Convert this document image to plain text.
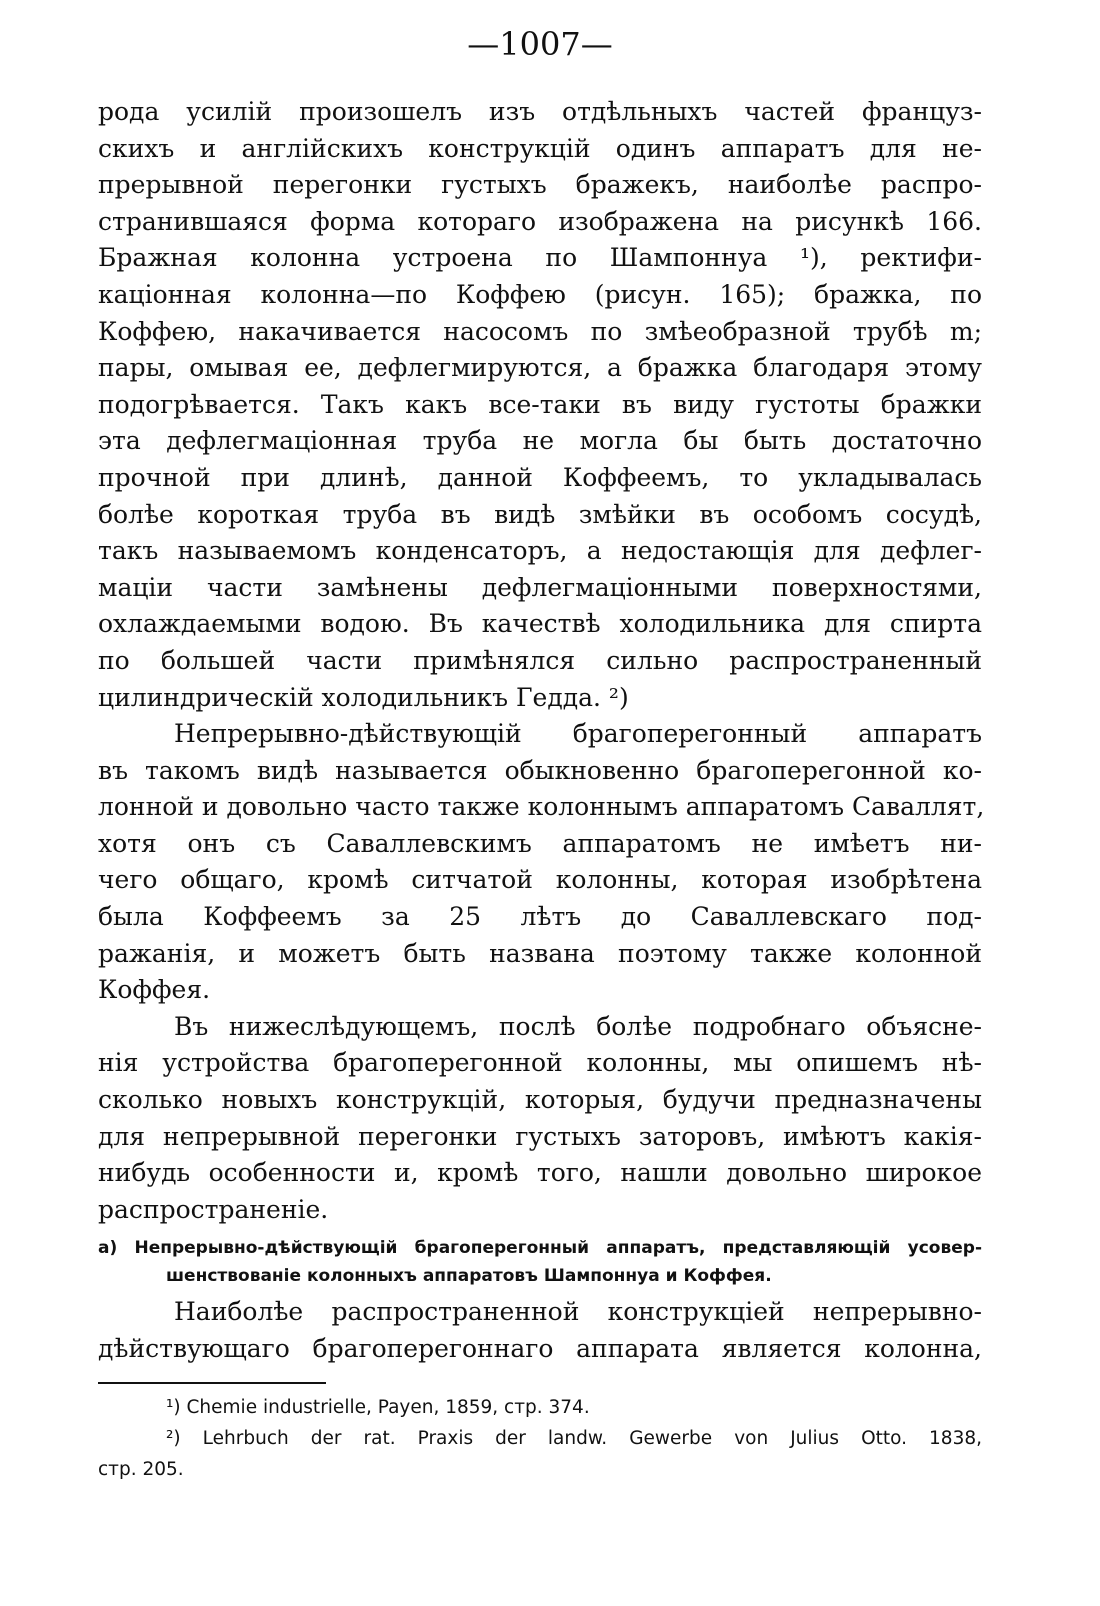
—1007—

рода усилій произошелъ изъ отдѣльныхъ частей француз-
скихъ и англійскихъ конструкцій одинъ аппаратъ для не-
прерывной перегонки густыхъ бражекъ, наиболѣе распро-
странившаяся форма котораго изображена на рисункѣ 166.
Бражная колонна устроена по Шампоннуа ¹), ректифи-
каціонная колонна—по Коффею (рисун. 165); бражка, по
Коффею, накачивается насосомъ по змѣеобразной трубѣ m;
пары, омывая ее, дефлегмируются, а бражка благодаря этому
подогрѣвается. Такъ какъ все-таки въ виду густоты бражки
эта дефлегмаціонная труба не могла бы быть достаточно
прочной при длинѣ, данной Коффеемъ, то укладывалась
болѣе короткая труба въ видѣ змѣйки въ особомъ сосудѣ,
такъ называемомъ конденсаторъ, а недостающія для дефлег-
маціи части замѣнены дефлегмаціонными поверхностями,
охлаждаемыми водою. Въ качествѣ холодильника для спирта
по большей части примѣнялся сильно распространенный
цилиндрическій холодильникъ Гедда. ²)

Непрерывно-дѣйствующій брагоперегонный аппаратъ
въ такомъ видѣ называется обыкновенно брагоперегонной ко-
лонной и довольно часто также колоннымъ аппаратомъ Саваллят,
хотя онъ съ Саваллевскимъ аппаратомъ не имѣетъ ни-
чего общаго, кромѣ ситчатой колонны, которая изобрѣтена
была Коффеемъ за 25 лѣтъ до Саваллевскаго под-
ражанія, и можетъ быть названа поэтому также колонной
Коффея.

Въ нижеслѣдующемъ, послѣ болѣе подробнаго объясне-
нія устройства брагоперегонной колонны, мы опишемъ нѣ-
сколько новыхъ конструкцій, которыя, будучи предназначены
для непрерывной перегонки густыхъ заторовъ, имѣютъ какія-
нибудь особенности и, кромѣ того, нашли довольно широкое
распространеніе.

а) Непрерывно-дѣйствующій брагоперегонный аппаратъ, представляющій усовер-
шенствованіе колонныхъ аппаратовъ Шампоннуа и Коффея.

Наиболѣе распространенной конструкціей непрерывно-
дѣйствующаго брагоперегоннаго аппарата является колонна,

¹) Chemie industrielle, Payen, 1859, стр. 374.
²) Lehrbuch der rat. Praxis der landw. Gewerbe von Julius Otto. 1838,
стр. 205.
